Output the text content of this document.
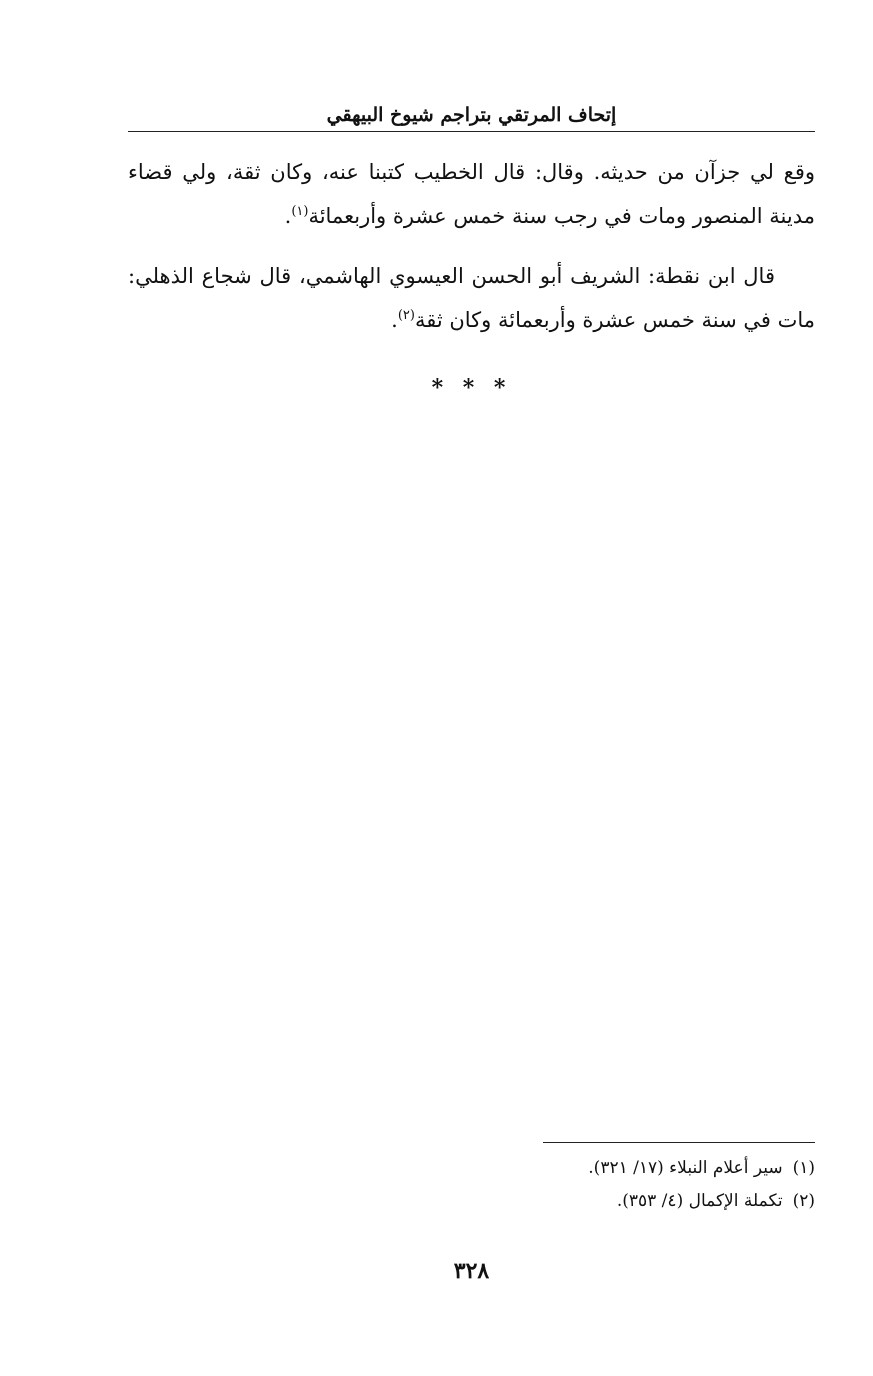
إتحاف المرتقي بتراجم شيوخ البيهقي

وقع لي جزآن من حديثه. وقال: قال الخطيب كتبنا عنه، وكان ثقة، ولي قضاء مدينة المنصور ومات في رجب سنة خمس عشرة وأربعمائة$^{(١)}$.

قال ابن نقطة: الشريف أبو الحسن العيسوي الهاشمي، قال شجاع الذهلي: مات في سنة خمس عشرة وأربعمائة وكان ثقة$^{(٢)}$.

* * *
(١)
سير أعلام النبلاء (١٧/ ٣٢١).
(٢)
تكملة الإكمال (٤/ ٣٥٣).
٣٢٨
